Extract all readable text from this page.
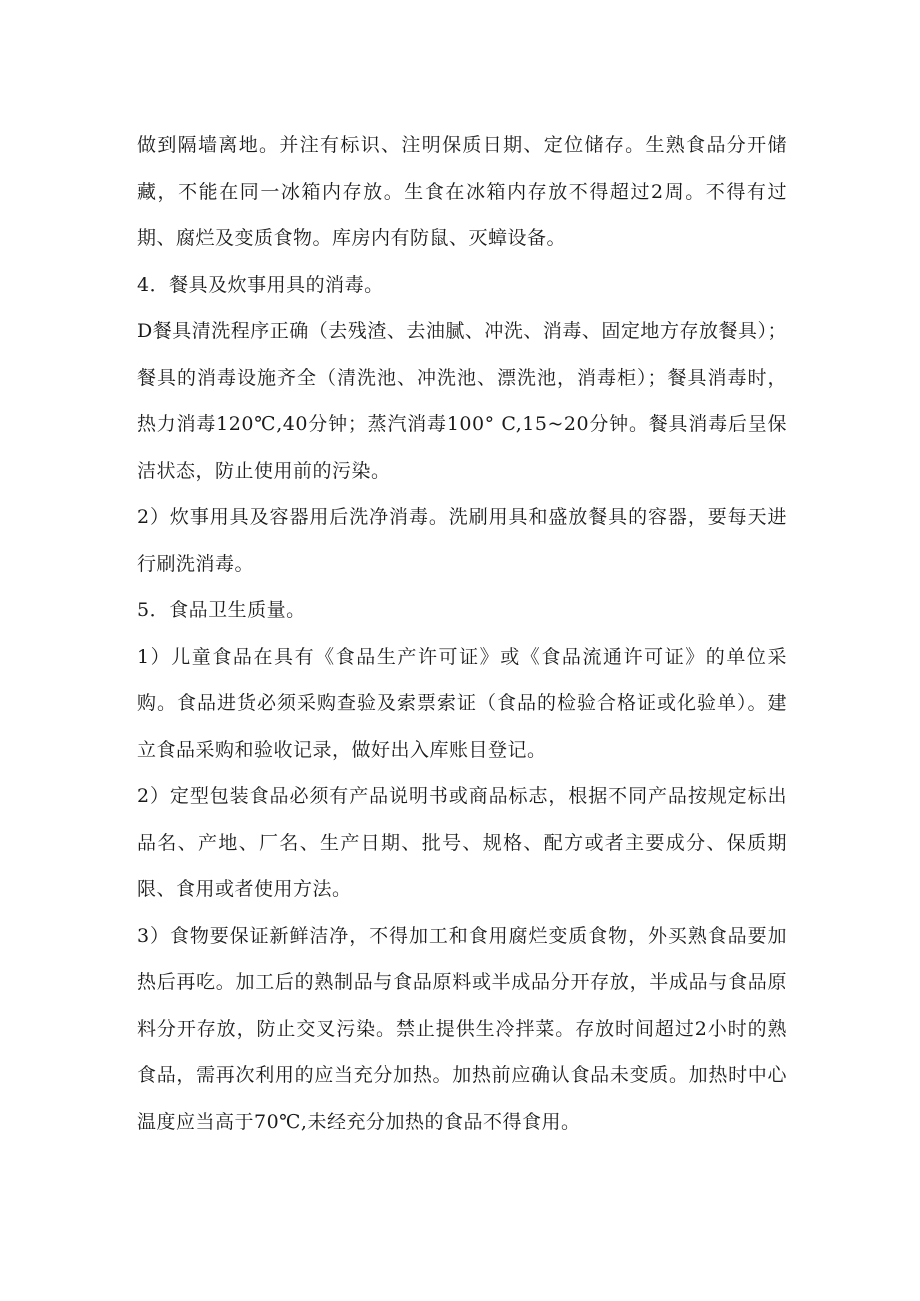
做到隔墙离地。并注有标识、注明保质日期、定位储存。生熟食品分开储藏，不能在同一冰箱内存放。生食在冰箱内存放不得超过2周。不得有过期、腐烂及变质食物。库房内有防鼠、灭蟑设备。

4．餐具及炊事用具的消毒。

D餐具清洗程序正确（去残渣、去油腻、冲洗、消毒、固定地方存放餐具）；餐具的消毒设施齐全（清洗池、冲洗池、漂洗池，消毒柜）；餐具消毒时，热力消毒120℃,40分钟；蒸汽消毒100° C,15~20分钟。餐具消毒后呈保洁状态，防止使用前的污染。

2）炊事用具及容器用后洗净消毒。洗刷用具和盛放餐具的容器，要每天进行刷洗消毒。

5．食品卫生质量。

1）儿童食品在具有《食品生产许可证》或《食品流通许可证》的单位采购。食品进货必须采购查验及索票索证（食品的检验合格证或化验单）。建立食品采购和验收记录，做好出入库账目登记。

2）定型包装食品必须有产品说明书或商品标志，根据不同产品按规定标出品名、产地、厂名、生产日期、批号、规格、配方或者主要成分、保质期限、食用或者使用方法。

3）食物要保证新鲜洁净，不得加工和食用腐烂变质食物，外买熟食品要加热后再吃。加工后的熟制品与食品原料或半成品分开存放，半成品与食品原料分开存放，防止交叉污染。禁止提供生冷拌菜。存放时间超过2小时的熟食品，需再次利用的应当充分加热。加热前应确认食品未变质。加热时中心温度应当高于70℃,未经充分加热的食品不得食用。
